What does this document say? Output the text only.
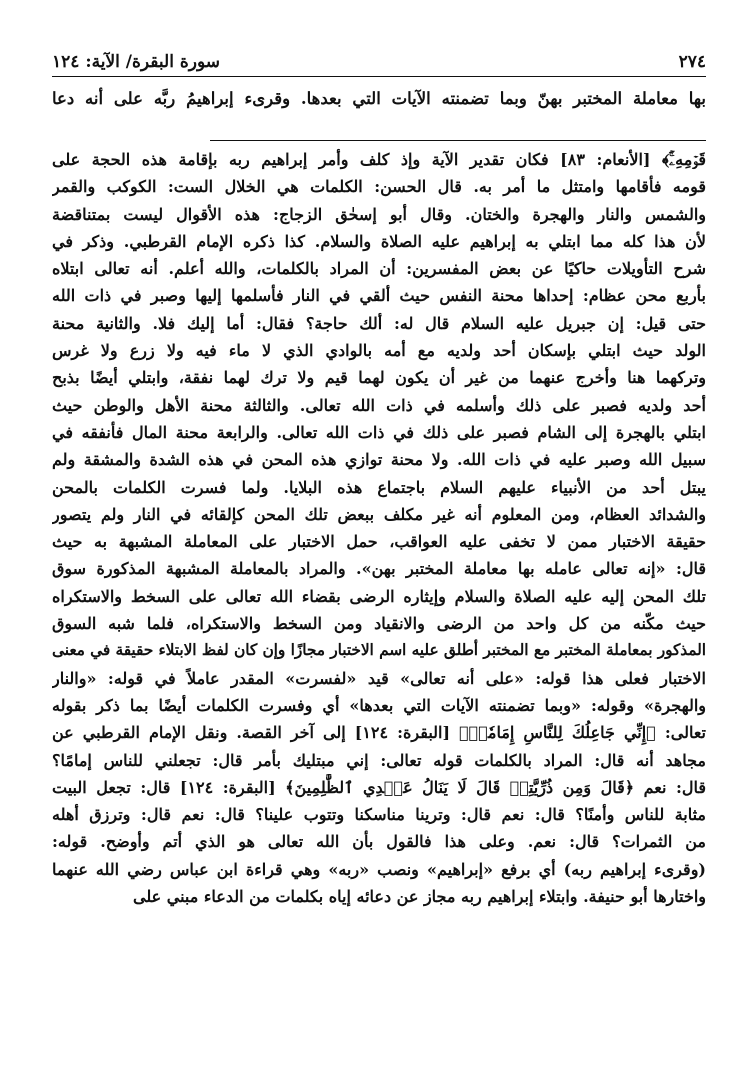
٢٧٤
سورة البقرة/ الآية: ١٢٤
بها معاملة المختبر بهنّ وبما تضمنته الآيات التي بعدها. وقرىء إبراهيمُ ربَّه على أنه دعا
قَوۡمِهِۦٓۚ﴾ [الأنعام: ٨٣] فكان تقدير الآية وإذ كلف وأمر إبراهيم ربه بإقامة هذه الحجة على
قومه فأقامها وامتثل ما أمر به. قال الحسن: الكلمات هي الخلال الست: الكوكب والقمر
والشمس والنار والهجرة والختان. وقال أبو إسحٰق الزجاج: هذه الأقوال ليست بمتناقضة
لأن هذا كله مما ابتلي به إبراهيم عليه الصلاة والسلام. كذا ذكره الإمام القرطبي. وذكر في
شرح التأويلات حاكيًا عن بعض المفسرين: أن المراد بالكلمات، والله أعلم. أنه تعالى ابتلاه
بأربع محن عظام: إحداها محنة النفس حيث ألقي في النار فأسلمها إليها وصبر في ذات الله
حتى قيل: إن جبريل عليه السلام قال له: ألك حاجة؟ فقال: أما إليك فلا. والثانية محنة
الولد حيث ابتلي بإسكان أحد ولديه مع أمه بالوادي الذي لا ماء فيه ولا زرع ولا غرس
وتركهما هنا وأخرج عنهما من غير أن يكون لهما قيم ولا ترك لهما نفقة، وابتلي أيضًا بذبح
أحد ولديه فصبر على ذلك وأسلمه في ذات الله تعالى. والثالثة محنة الأهل والوطن حيث
ابتلي بالهجرة إلى الشام فصبر على ذلك في ذات الله تعالى. والرابعة محنة المال فأنفقه في
سبيل الله وصبر عليه في ذات الله. ولا محنة توازي هذه المحن في هذه الشدة والمشقة ولم
يبتل أحد من الأنبياء عليهم السلام باجتماع هذه البلايا. ولما فسرت الكلمات بالمحن
والشدائد العظام، ومن المعلوم أنه غير مكلف ببعض تلك المحن كإلقائه في النار ولم يتصور
حقيقة الاختبار ممن لا تخفى عليه العواقب، حمل الاختبار على المعاملة المشبهة به حيث
قال: «إنه تعالى عامله بها معاملة المختبر بهن». والمراد بالمعاملة المشبهة المذكورة سوق
تلك المحن إليه عليه الصلاة والسلام وإيثاره الرضى بقضاء الله تعالى على السخط والاستكراه
حيث مكّنه من كل واحد من الرضى والانقياد ومن السخط والاستكراه، فلما شبه السوق
المذكور بمعاملة المختبر مع المختبر أطلق عليه اسم الاختبار مجازًا وإن كان لفظ الابتلاء حقيقة في معنى
الاختبار فعلى هذا قوله: «على أنه تعالى» قيد «لفسرت» المقدر عاملاً في قوله: «والنار
والهجرة» وقوله: «وبما تضمنته الآيات التي بعدها» أي وفسرت الكلمات أيضًا بما ذكر بقوله
تعالى: ﴿إِنِّي جَاعِلُكَ لِلنَّاسِ إِمَامٗاۖ﴾ [البقرة: ١٢٤] إلى آخر القصة. ونقل الإمام القرطبي عن
مجاهد أنه قال: المراد بالكلمات قوله تعالى: إني مبتليك بأمر قال: تجعلني للناس إمامًا؟
قال: نعم ﴿قَالَ وَمِن ذُرِّيَّتِيۖ قَالَ لَا يَنَالُ عَهۡدِي ٱلظَّٰلِمِينَ﴾ [البقرة: ١٢٤] قال: تجعل البيت
مثابة للناس وأمنًا؟ قال: نعم قال: وترينا مناسكنا وتتوب علينا؟ قال: نعم قال: وترزق أهله
من الثمرات؟ قال: نعم. وعلى هذا فالقول بأن الله تعالى هو الذي أتم وأوضح. قوله:
(وقرىء إبراهيم ربه) أي برفع «إبراهيم» ونصب «ربه» وهي قراءة ابن عباس رضي الله عنهما
واختارها أبو حنيفة. وابتلاء إبراهيم ربه مجاز عن دعائه إياه بكلمات من الدعاء مبني على
